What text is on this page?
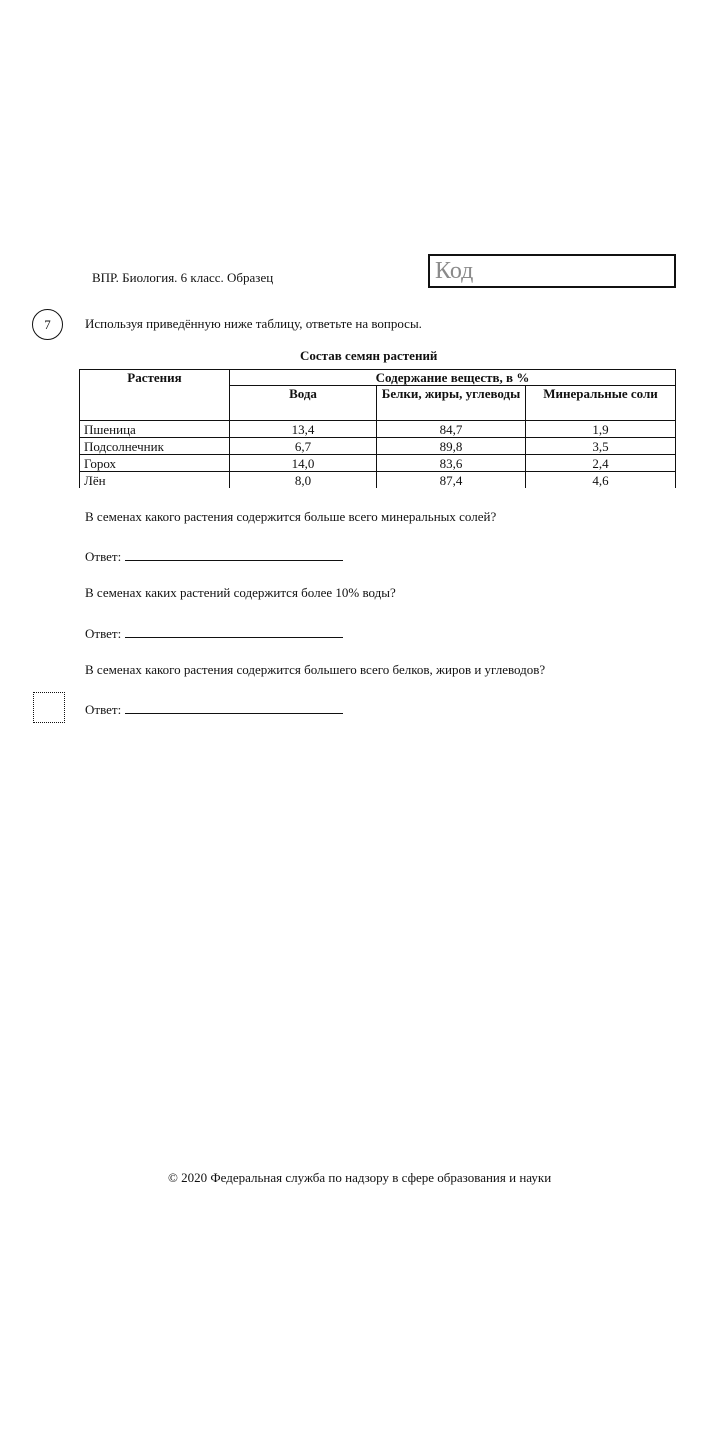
ВПР. Биология. 6 класс. Образец	Код
7	Используя приведённую ниже таблицу, ответьте на вопросы.
Состав семян растений
Растения	Содержание веществ, в %		
	Вода	Белки, жиры, углеводы	Минеральные соли
Пшеница	13,4	84,7	1,9
Подсолнечник	6,7	89,8	3,5
Горох	14,0	83,6	2,4
Лён	8,0	87,4	4,6
В семенах какого растения содержится больше всего минеральных солей?
Ответ:
В семенах каких растений содержится более 10% воды?
Ответ:
В семенах какого растения содержится большего всего белков, жиров и углеводов?
Ответ:
© 2020 Федеральная служба по надзору в сфере образования и науки
